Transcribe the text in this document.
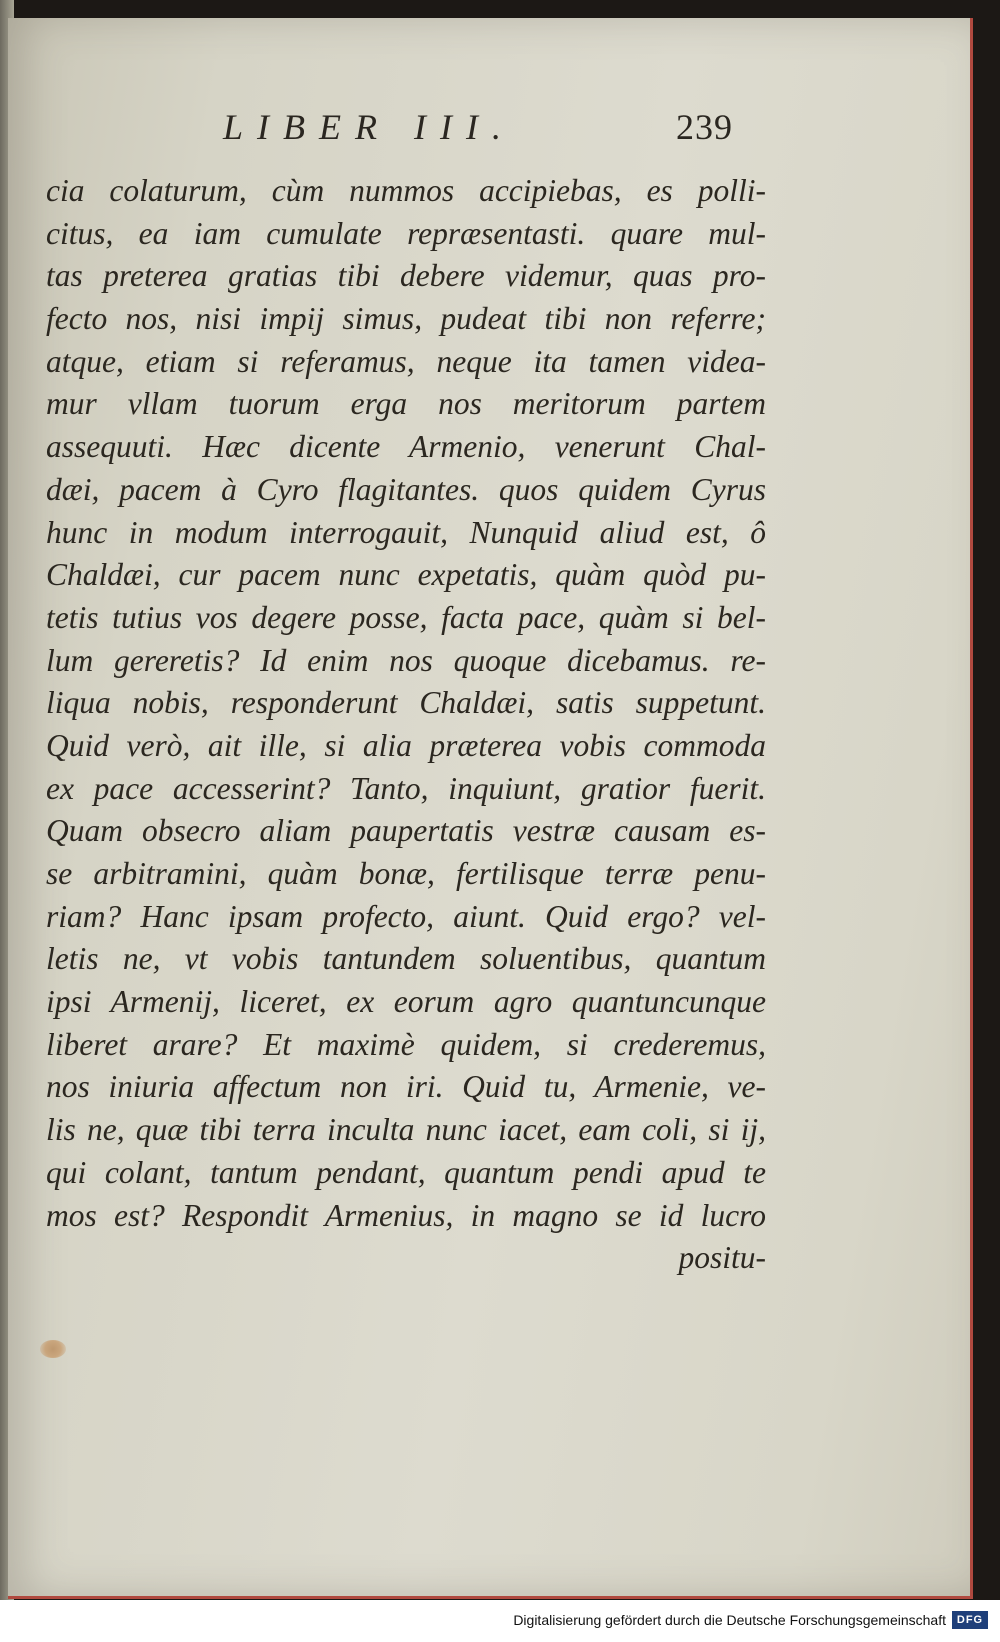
LIBER III.	239
cia colaturum, cùm nummos accipiebas, es polli-
citus, ea iam cumulate repræsentasti. quare mul-
tas preterea gratias tibi debere videmur, quas pro-
fecto nos, nisi impij simus, pudeat tibi non referre;
atque, etiam si referamus, neque ita tamen videa-
mur vllam tuorum erga nos meritorum partem
assequuti. Hæc dicente Armenio, venerunt Chal-
dæi, pacem à Cyro flagitantes. quos quidem Cyrus
hunc in modum interrogauit, Nunquid aliud est, ô
Chaldæi, cur pacem nunc expetatis, quàm quòd pu-
tetis tutius vos degere posse, facta pace, quàm si bel-
lum gereretis? Id enim nos quoque dicebamus. re-
liqua nobis, responderunt Chaldæi, satis suppetunt.
Quid verò, ait ille, si alia præterea vobis commoda
ex pace accesserint? Tanto, inquiunt, gratior fuerit.
Quam obsecro aliam paupertatis vestræ causam es-
se arbitramini, quàm bonæ, fertilisque terræ penu-
riam? Hanc ipsam profecto, aiunt. Quid ergo? vel-
letis ne, vt vobis tantundem soluentibus, quantum
ipsi Armenij, liceret, ex eorum agro quantuncunque
liberet arare? Et maximè quidem, si crederemus,
nos iniuria affectum non iri. Quid tu, Armenie, ve-
lis ne, quæ tibi terra inculta nunc iacet, eam coli, si ij,
qui colant, tantum pendant, quantum pendi apud te
mos est? Respondit Armenius, in magno se id lucro
positu-
Digitalisierung gefördert durch die Deutsche Forschungsgemeinschaft DFG
